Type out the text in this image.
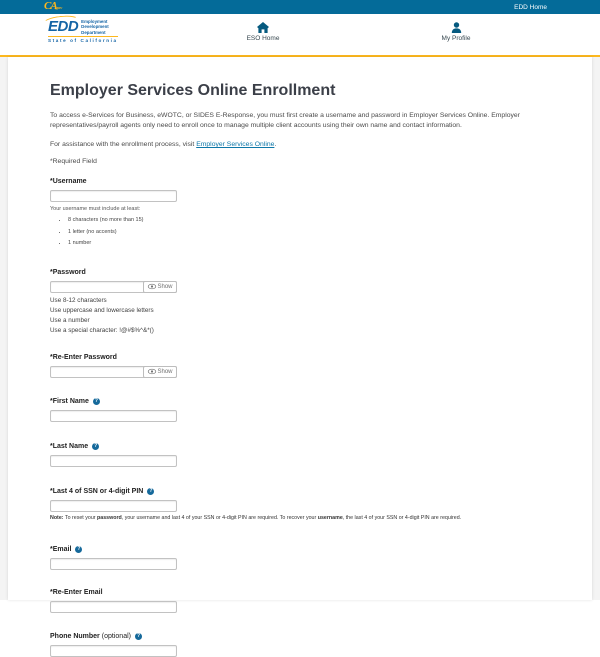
CAgov	EDD Home
EDD Employment
Development
Department
State of California	ESO Home	My Profile
Employer Services Online Enrollment

To access e-Services for Business, eWOTC, or SIDES E-Response, you must first create a username and password in Employer Services Online. Employer representatives/payroll agents only need to enroll once to manage multiple client accounts using their own name and contact information.

For assistance with the enrollment process, visit Employer Services Online.

*Required Field

*Username
Your username must include at least:
• 8 characters (no more than 15)
• 1 letter (no accents)
• 1 number
*Password
Show
Use 8-12 characters
Use uppercase and lowercase letters
Use a number
Use a special character: !@#$%^&*()
*Re-Enter Password
Show
*First Name	?
*Last Name	?
*Last 4 of SSN or 4-digit PIN	?
Note: To reset your password, your username and last 4 of your SSN or 4-digit PIN are required. To recover your username, the last 4 of your SSN or 4-digit PIN are required.
*Email	?
*Re-Enter Email
Phone Number (optional)	?
